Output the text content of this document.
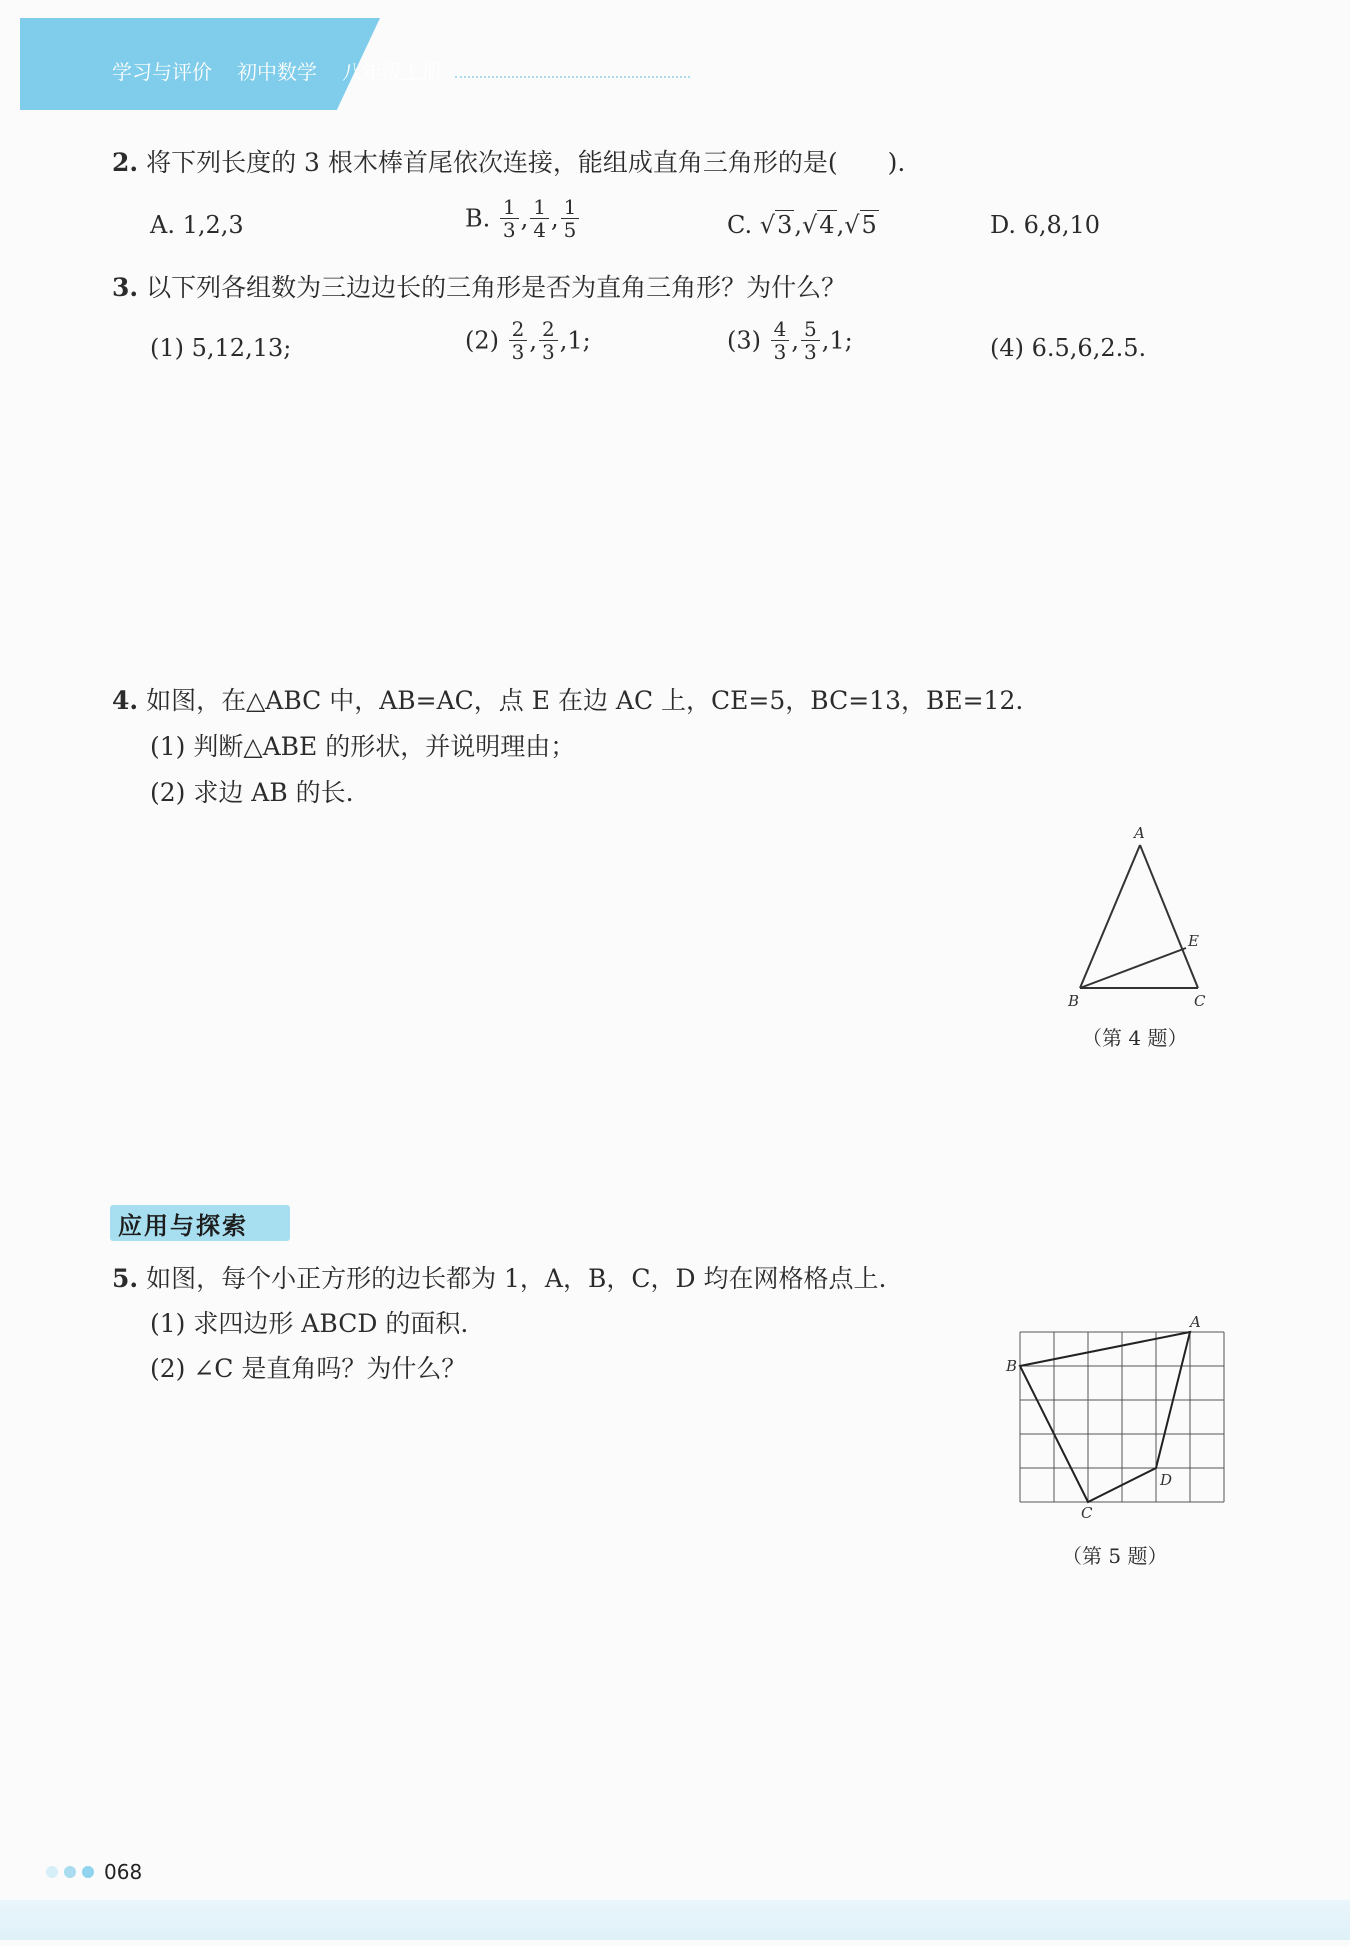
学习与评价 初中数学 八年级上册
2. 将下列长度的 3 根木棒首尾依次连接，能组成直角三角形的是(　　).
A. 1,2,3	B. $\frac{1}{3}$ , $\frac{1}{4}$ , $\frac{1}{5}$	C. √3,√4,√5	D. 6,8,10
3. 以下列各组数为三边边长的三角形是否为直角三角形？为什么？
(1) 5,12,13;	$(2) \frac{2}{3}$ , $\frac{2}{3} ,1$;	$(3) \frac{4}{3}$ , $\frac{5}{3} ,1$;	(4) 6.5,6,2.5.
4. 如图，在△ABC 中，AB=AC，点 E 在边 AC 上，CE=5，BC=13，BE=12.
(1) 判断△ABE 的形状，并说明理由；
(2) 求边 AB 的长.
A
B	C
E
（第 4 题）
应用与探索
5. 如图，每个小正方形的边长都为 1，A，B，C，D 均在网格格点上.
(1) 求四边形 ABCD 的面积.
(2) ∠C 是直角吗？为什么？
A
B
C
D
（第 5 题）
068
